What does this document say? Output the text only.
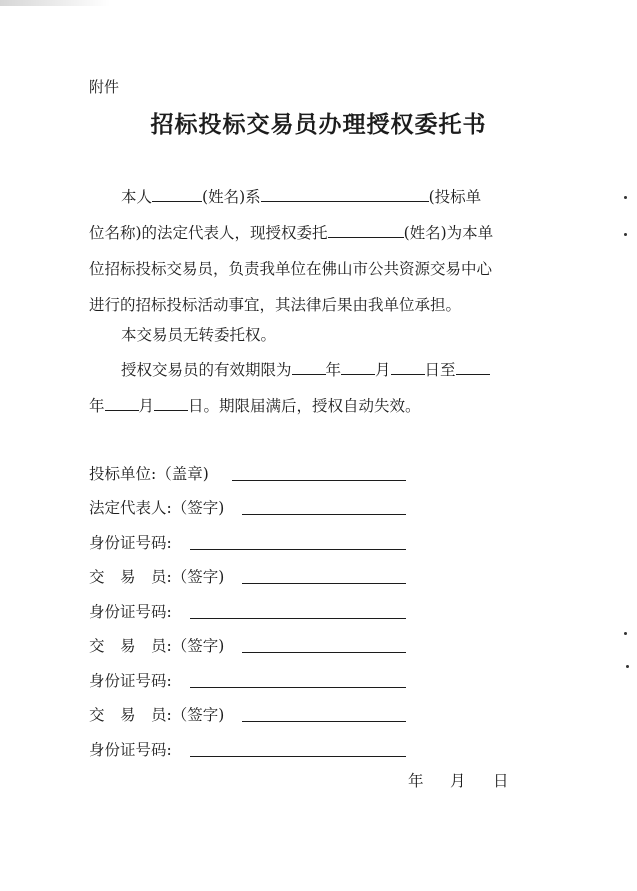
附件
招标投标交易员办理授权委托书
本人	(姓名)系	(投标单
位名称)的法定代表人，现授权委托	(姓名)为本单
位招标投标交易员，负责我单位在佛山市公共资源交易中心
进行的招标投标活动事宜，其法律后果由我单位承担。
本交易员无转委托权。
授权交易员的有效期限为 年 月 日至
年 月 日。期限届满后，授权自动失效。
投标单位:（盖章)
法定代表人:（签字)
身份证号码:
交　易　员:（签字)
身份证号码:
交　易　员:（签字)
身份证号码:
交　易　员:（签字)
身份证号码:
年 月 日
